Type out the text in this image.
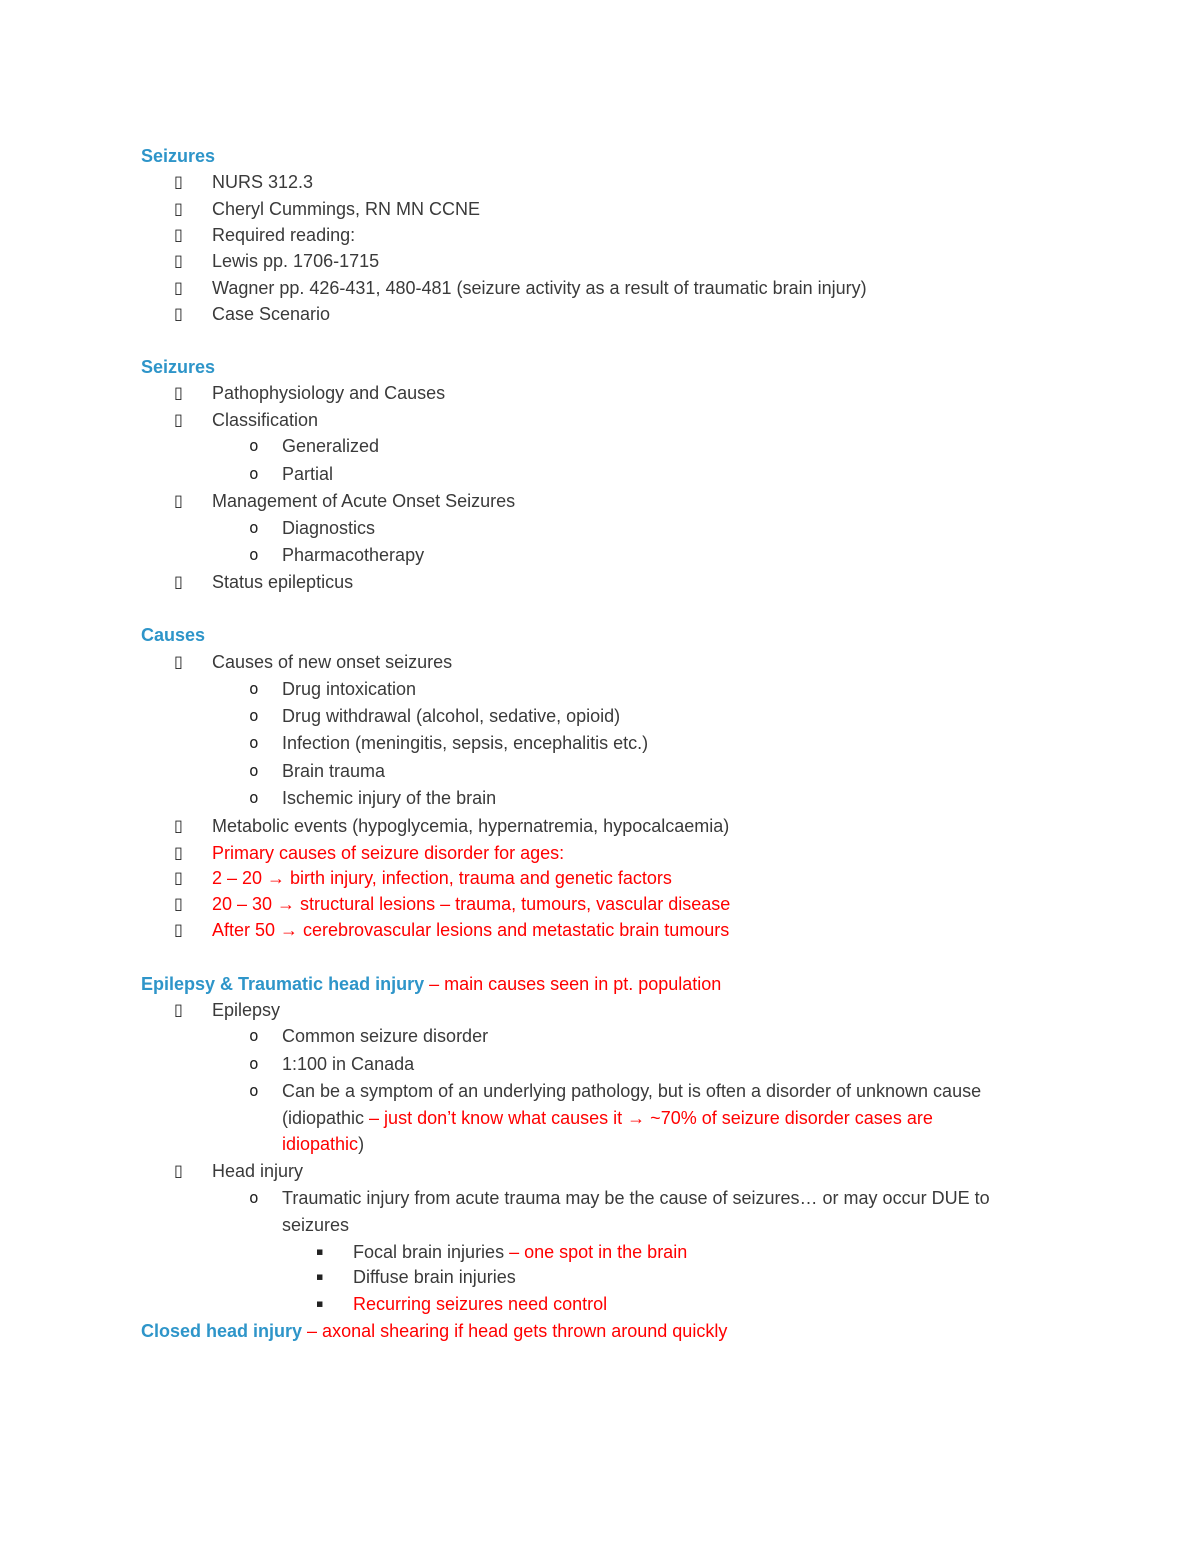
Seizures
▯ NURS 312.3
▯ Cheryl Cummings, RN MN CCNE
▯ Required reading:
▯ Lewis pp. 1706-1715
▯ Wagner pp. 426-431, 480-481 (seizure activity as a result of traumatic brain injury)
▯ Case Scenario
Seizures
▯ Pathophysiology and Causes
▯ Classification
o Generalized
o Partial
▯ Management of Acute Onset Seizures
o Diagnostics
o Pharmacotherapy
▯ Status epilepticus
Causes
▯ Causes of new onset seizures
o Drug intoxication
o Drug withdrawal (alcohol, sedative, opioid)
o Infection (meningitis, sepsis, encephalitis etc.)
o Brain trauma
o Ischemic injury of the brain
▯ Metabolic events (hypoglycemia, hypernatremia, hypocalcaemia)
▯ Primary causes of seizure disorder for ages:
▯ 2 – 20 → birth injury, infection, trauma and genetic factors
▯ 20 – 30 → structural lesions – trauma, tumours, vascular disease
▯ After 50 → cerebrovascular lesions and metastatic brain tumours
Epilepsy & Traumatic head injury – main causes seen in pt. population
▯ Epilepsy
o Common seizure disorder
o 1:100 in Canada
o Can be a symptom of an underlying pathology, but is often a disorder of unknown cause
(idiopathic – just don’t know what causes it → ~70% of seizure disorder cases are
idiopathic)
▯ Head injury
o Traumatic injury from acute trauma may be the cause of seizures… or may occur DUE to
seizures
▪ Focal brain injuries – one spot in the brain
▪ Diffuse brain injuries
▪ Recurring seizures need control
Closed head injury – axonal shearing if head gets thrown around quickly
